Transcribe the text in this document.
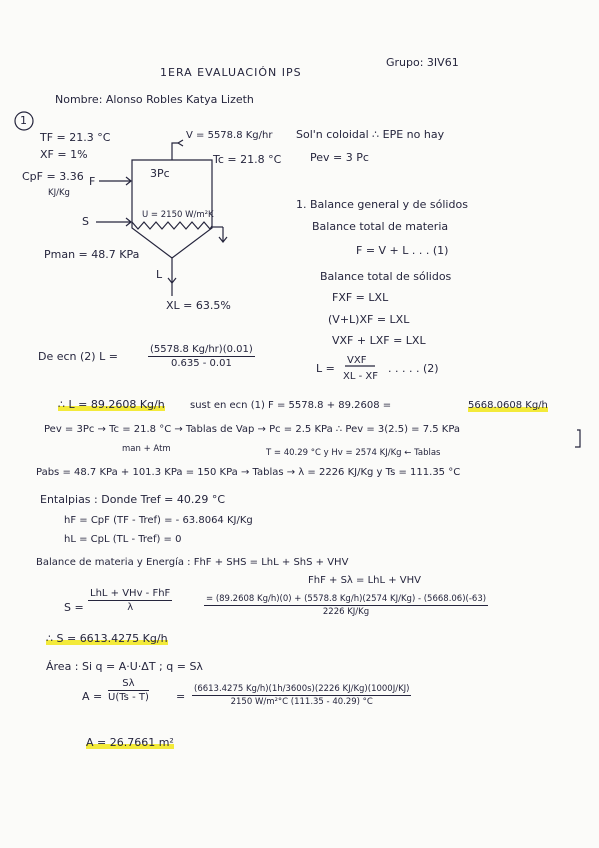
1ERA EVALUACIÓN IPS
Grupo: 3IV61
Nombre: Alonso Robles Katya Lizeth
1
TF = 21.3 °C
XF = 1%
CpF = 3.36
KJ/Kg
F
S
Pman = 48.7 KPa
V = 5578.8 Kg/hr
Tc = 21.8 °C
3Pc
U = 2150 W/m²K
L
XL = 63.5%
Sol'n coloidal ∴ EPE no hay
Pev = 3 Pc
1. Balance general y de sólidos
Balance total de materia
F = V + L . . . (1)
Balance total de sólidos
FXF = LXL
(V+L)XF = LXL
VXF + LXF = LXL
L =
VXF
XL - XF
. . . . . (2)
De ecn (2) L =	$\frac{(5578.8 Kg/hr)(0.01)}{0.635 - 0.01}$
∴ L = 89.2608 Kg/h	sust en ecn (1) F = 5578.8 + 89.2608 =	5668.0608 Kg/h
Pev = 3Pc → Tc = 21.8 °C → Tablas de Vap → Pc = 2.5 KPa ∴ Pev = 3(2.5) = 7.5 KPa
man + Atm	T = 40.29 °C y Hv = 2574 KJ/Kg ← Tablas
Pabs = 48.7 KPa + 101.3 KPa = 150 KPa → Tablas → λ = 2226 KJ/Kg y Ts = 111.35 °C
Entalpias : Donde Tref = 40.29 °C
hF = CpF (TF - Tref) = - 63.8064 KJ/Kg
hL = CpL (TL - Tref) = 0
Balance de materia y Energía : FhF + SHS = LhL + ShS + VHV
FhF + Sλ = LhL + VHV
S =
LhL + VHv - FhF
λ
= (89.2608 Kg/h)(0) + (5578.8 Kg/h)(2574 KJ/Kg) - (5668.06)(-63)
2226 KJ/Kg
∴ S = 6613.4275 Kg/h
Área : Si q = A·U·ΔT ; q = Sλ
$A = \frac{S\lambda}{U(Ts - T)} = \frac{(6613.4275 Kg/h)(1h/3600s)(2226 KJ/Kg)(1000J/KJ)}{\text{2150 W/m²°C (111.35 - 40.29) °C}}$
A = 26.7661 m²
